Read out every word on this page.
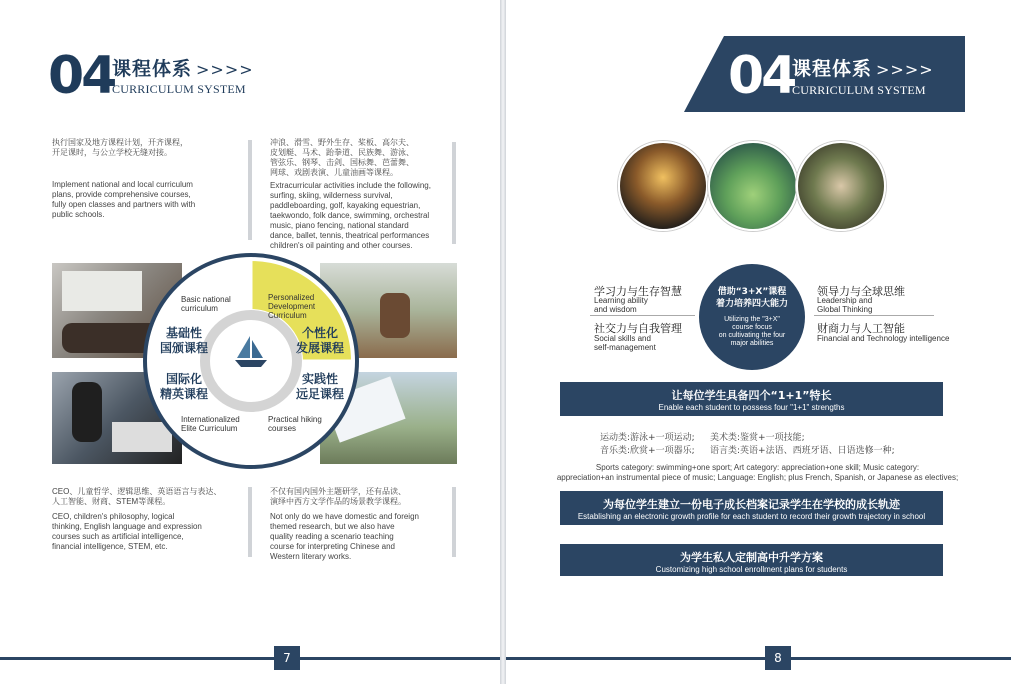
04
课程体系 >>>>
CURRICULUM SYSTEM
执行国家及地方课程计划，开齐课程，
开足课时，与公立学校无缝对接。
Implement national and local curriculum
plans, provide comprehensive courses,
fully open classes and partners with with
public schools.
冲浪、滑雪、野外生存、桨板、高尔夫、
皮划艇、马术、跆拳道、民族舞、游泳、
管弦乐、钢琴、击剑、国标舞、芭蕾舞、
网球、戏剧表演、儿童油画等课程。
Extracurricular activities include the following,
surfing, skiing, wilderness survival,
paddleboarding, golf, kayaking equestrian,
taekwondo, folk dance, swimming, orchestral
music, piano fencing, national standard
dance, ballet, tennis, theatrical performances
children's oil painting and other courses.
Basic national
curriculum
Personalized
Development
Curriculum
Internationalized
Elite Curriculum
Practical hiking
courses
基础性
国颁课程
个性化
发展课程
国际化
精英课程
实践性
远足课程
CEO、儿童哲学、逻辑思维、英语语言与表达、
人工智能、财商、STEM等课程。
CEO, children's philosophy, logical
thinking, English language and expression
courses such as artificial intelligence,
financial intelligence, STEM, etc.
不仅有国内国外主题研学，还有品读、
演绎中西方文学作品的场景教学课程。
Not only do we have domestic and foreign
themed research, but we also have
quality reading a scenario teaching
course for interpreting Chinese and
Western literary works.
7
04
课程体系 >>>>
CURRICULUM SYSTEM
学习力与生存智慧
Learning ability
and wisdom
社交力与自我管理
Social skills and
self-management
借助“3+X”课程
着力培养四大能力
Utilizing the "3+X"
course focus
on cultivating the four
major abilities
领导力与全球思维
Leadership and
Global Thinking
财商力与人工智能
Financial and Technology intelligence
让每位学生具备四个“1+1”特长
Enable each student to possess four "1+1" strengths
运动类:游泳+一项运动; 美术类:鉴赏+一项技能;
音乐类:欣赏+一项器乐; 语言类:英语+法语、西班牙语、日语选修一种;
Sports category: swimming+one sport; Art category: appreciation+one skill; Music category:
appreciation+an instrumental piece of music; Language: English; plus French, Spanish, or Japanese as electives;
为每位学生建立一份电子成长档案记录学生在学校的成长轨迹
Establishing an electronic growth profile for each student to record their growth trajectory in school
为学生私人定制高中升学方案
Customizing high school enrollment plans for students
8
